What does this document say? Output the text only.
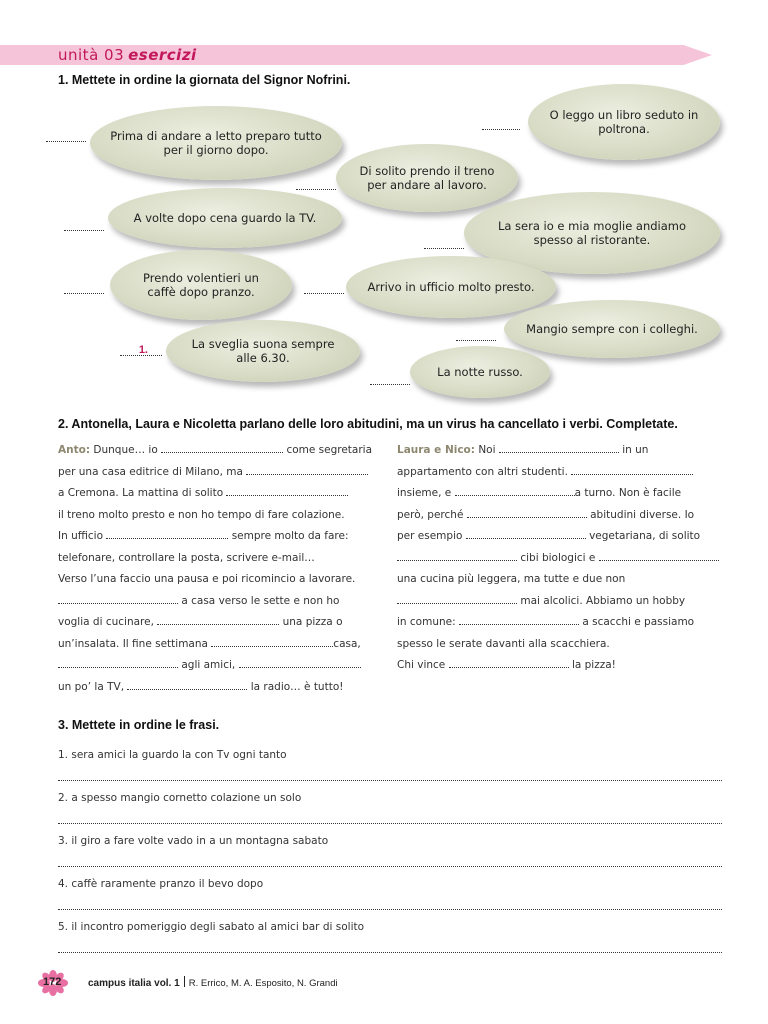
unità 03 esercizi
1. Mettete in ordine la giornata del Signor Nofrini.
O leggo un libro seduto in poltrona.
Prima di andare a letto preparo tutto per il giorno dopo.
Di solito prendo il treno per andare al lavoro.
A volte dopo cena guardo la TV.
La sera io e mia moglie andiamo spesso al ristorante.
Prendo volentieri un caffè dopo pranzo.	Arrivo in ufficio molto presto.
Mangio sempre con i colleghi.
La sveglia suona sempre alle 6.30.
La notte russo.
1.
2. Antonella, Laura e Nicoletta parlano delle loro abitudini, ma un virus ha cancellato i verbi. Completate.
Anto: Dunque… io	come segretaria
per una casa editrice di Milano, ma
a Cremona. La mattina di solito
il treno molto presto e non ho tempo di fare colazione.
In ufficio	sempre molto da fare:
telefonare, controllare la posta, scrivere e-mail…
Verso l’una faccio una pausa e poi ricomincio a lavorare.
a casa verso le sette e non ho
voglia di cucinare,	una pizza o
un’insalata. Il fine settimana	casa,
agli amici,
un po’ la TV,	la radio… è tutto!
Laura e Nico: Noi	in un
appartamento con altri studenti.
insieme, e	a turno. Non è facile
però, perché	abitudini diverse. Io
per esempio	vegetariana, di solito
cibi biologici e
una cucina più leggera, ma tutte e due non
mai alcolici. Abbiamo un hobby
in comune:	a scacchi e passiamo
spesso le serate davanti alla scacchiera.
Chi vince	la pizza!
3. Mettete in ordine le frasi.
1. sera amici la guardo la con Tv ogni tanto
2. a spesso mangio cornetto colazione un solo
3. il giro a fare volte vado in a un montagna sabato
4. caffè raramente pranzo il bevo dopo
5. il incontro pomeriggio degli sabato al amici bar di solito
172	campus italia vol. 1 R. Errico, M. A. Esposito, N. Grandi
